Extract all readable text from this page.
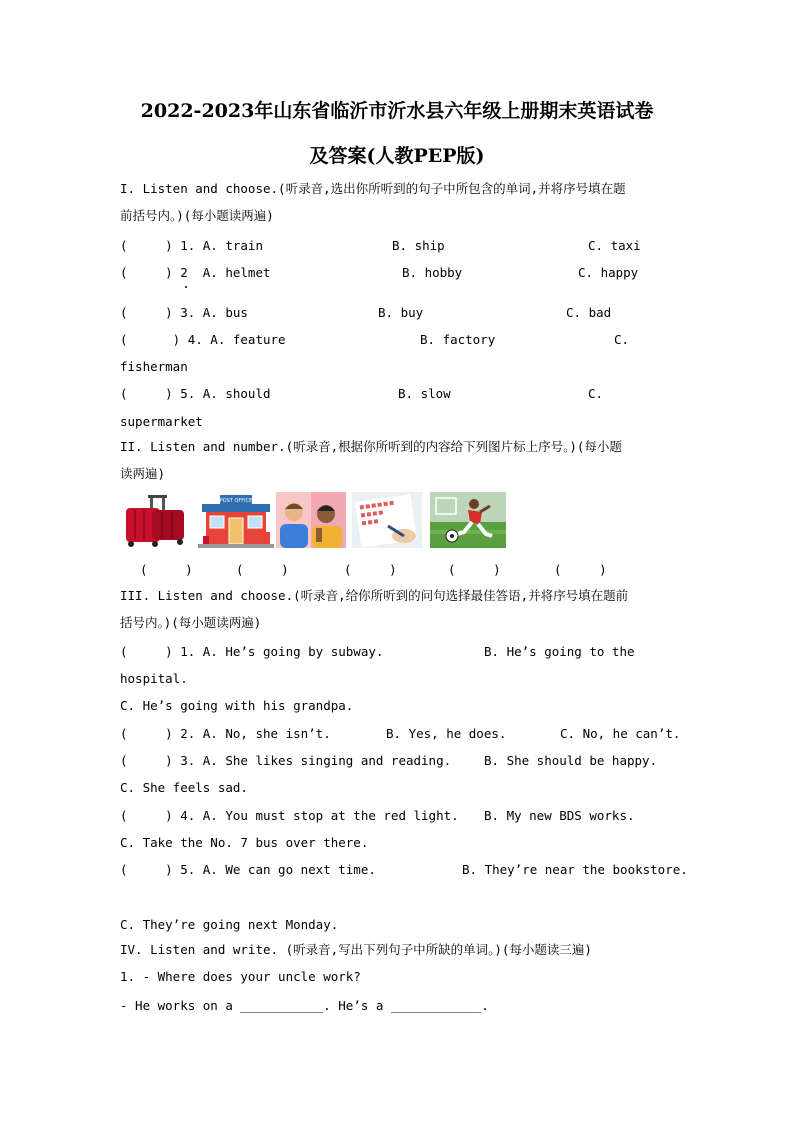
2022-2023年山东省临沂市沂水县六年级上册期末英语试卷
及答案(人教PEP版)
I. Listen and choose.(听录音,选出你所听到的句子中所包含的单词,并将序号填在题
前括号内。)(每小题读两遍)
(     ) 1. A. train	B. ship	C. taxi
(     ) 2  A. helmet	B. hobby	C. happy
(     ) 3. A. bus	B. buy	C. bad
(      ) 4. A. feature	B. factory	C.
fisherman
(     ) 5. A. should	B. slow	C.
supermarket
II. Listen and number.(听录音,根据你所听到的内容给下列图片标上序号。)(每小题
读两遍)
POST OFFICE
(     )	(     )	(     )	(     )	(     )
III. Listen and choose.(听录音,给你所听到的问句选择最佳答语,并将序号填在题前
括号内。)(每小题读两遍)
(     ) 1. A. He’s going by subway.	B. He’s going to the
hospital.
C. He’s going with his grandpa.
(     ) 2. A. No, she isn’t.	B. Yes, he does.	C. No, he can’t.
(     ) 3. A. She likes singing and reading.	B. She should be happy.
C. She feels sad.
(     ) 4. A. You must stop at the red light. B. My new BDS works.
C. Take the No. 7 bus over there.
(     ) 5. A. We can go next time.	B. They’re near the bookstore.
C. They’re going next Monday.
IV. Listen and write. (听录音,写出下列句子中所缺的单词。)(每小题读三遍)
1. - Where does your uncle work?
- He works on a ___________. He’s a ____________.
